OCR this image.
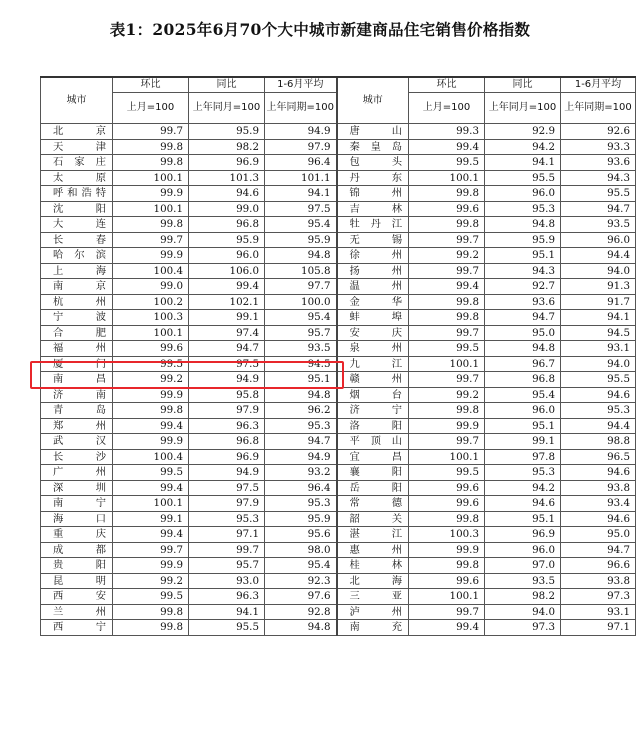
表1：2025年6月70个大中城市新建商品住宅销售价格指数
城市	环比	同比	1-6月平均	城市	环比	同比	1-6月平均
	上月=100	上年同月=100	上年同期=100		上月=100	上年同月=100	上年同期=100
北　　京	99.7	95.9	94.9	唐　　山	99.3	92.9	92.6
天　　津	99.8	98.2	97.9	秦 皇 岛	99.4	94.2	93.3
石 家 庄	99.8	96.9	96.4	包　　头	99.5	94.1	93.6
太　　原	100.1	101.3	101.1	丹　　东	100.1	95.5	94.3
呼和浩特	99.9	94.6	94.1	锦　　州	99.8	96.0	95.5
沈　　阳	100.1	99.0	97.5	吉　　林	99.6	95.3	94.7
大　　连	99.8	96.8	95.4	牡 丹 江	99.8	94.8	93.5
长　　春	99.7	95.9	95.9	无　　锡	99.7	95.9	96.0
哈 尔 滨	99.9	96.0	94.8	徐　　州	99.2	95.1	94.4
上　　海	100.4	106.0	105.8	扬　　州	99.7	94.3	94.0
南　　京	99.0	99.4	97.7	温　　州	99.4	92.7	91.3
杭　　州	100.2	102.1	100.0	金　　华	99.8	93.6	91.7
宁　　波	100.3	99.1	95.4	蚌　　埠	99.8	94.7	94.1
合　　肥	100.1	97.4	95.7	安　　庆	99.7	95.0	94.5
福　　州	99.6	94.7	93.5	泉　　州	99.5	94.8	93.1
厦　　门	99.5	97.5	94.5	九　　江	100.1	96.7	94.0
南　　昌	99.2	94.9	95.1	赣　　州	99.7	96.8	95.5
济　　南	99.9	95.8	94.8	烟　　台	99.2	95.4	94.6
青　　岛	99.8	97.9	96.2	济　　宁	99.8	96.0	95.3
郑　　州	99.4	96.3	95.3	洛　　阳	99.9	95.1	94.4
武　　汉	99.9	96.8	94.7	平 顶 山	99.7	99.1	98.8
长　　沙	100.4	96.9	94.9	宜　　昌	100.1	97.8	96.5
广　　州	99.5	94.9	93.2	襄　　阳	99.5	95.3	94.6
深　　圳	99.4	97.5	96.4	岳　　阳	99.6	94.2	93.8
南　　宁	100.1	97.9	95.3	常　　德	99.6	94.6	93.4
海　　口	99.1	95.3	95.9	韶　　关	99.8	95.1	94.6
重　　庆	99.4	97.1	95.6	湛　　江	100.3	96.9	95.0
成　　都	99.7	99.7	98.0	惠　　州	99.9	96.0	94.7
贵　　阳	99.9	95.7	95.4	桂　　林	99.8	97.0	96.6
昆　　明	99.2	93.0	92.3	北　　海	99.6	93.5	93.8
西　　安	99.5	96.3	97.6	三　　亚	100.1	98.2	97.3
兰　　州	99.8	94.1	92.8	泸　　州	99.7	94.0	93.1
西　　宁	99.8	95.5	94.8	南　　充	99.4	97.3	97.1
